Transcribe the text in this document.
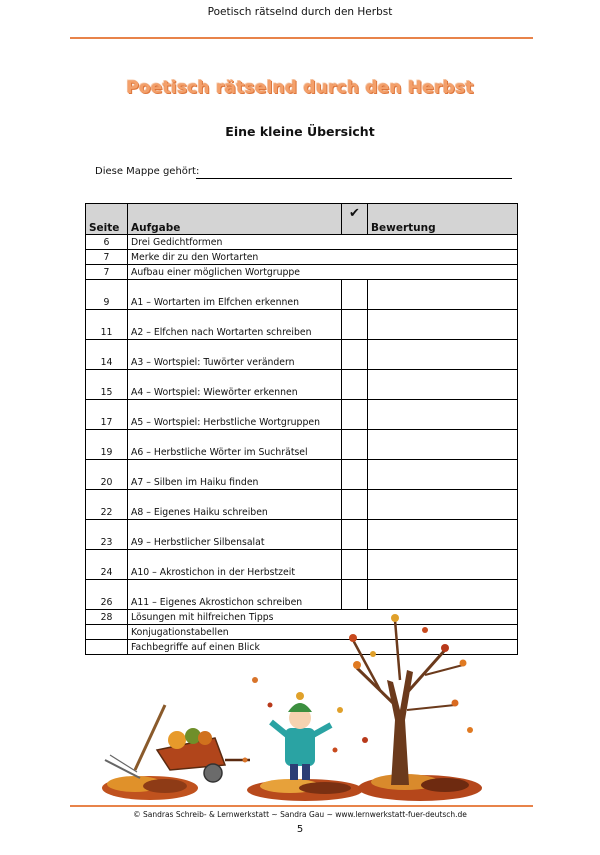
Poetisch rätselnd durch den Herbst
Poetisch rätselnd durch den Herbst
Eine kleine Übersicht
Diese Mappe gehört:
Seite	Aufgabe	✔	Bewertung
6	Drei Gedichtformen		
7	Merke dir zu den Wortarten		
7	Aufbau einer möglichen Wortgruppe		
9	A1 – Wortarten im Elfchen erkennen		
11	A2 – Elfchen nach Wortarten schreiben		
14	A3 – Wortspiel: Tuwörter verändern		
15	A4 – Wortspiel: Wiewörter erkennen		
17	A5 – Wortspiel: Herbstliche Wortgruppen		
19	A6 – Herbstliche Wörter im Suchrätsel		
20	A7 – Silben im Haiku finden		
22	A8 – Eigenes Haiku schreiben		
23	A9 – Herbstlicher Silbensalat		
24	A10 – Akrostichon in der Herbstzeit		
26	A11 – Eigenes Akrostichon schreiben		
28	Lösungen mit hilfreichen Tipps		
	Konjugationstabellen		
	Fachbegriffe auf einen Blick		
© Sandras Schreib- & Lernwerkstatt ~ Sandra Gau ~ www.lernwerkstatt-fuer-deutsch.de
5
